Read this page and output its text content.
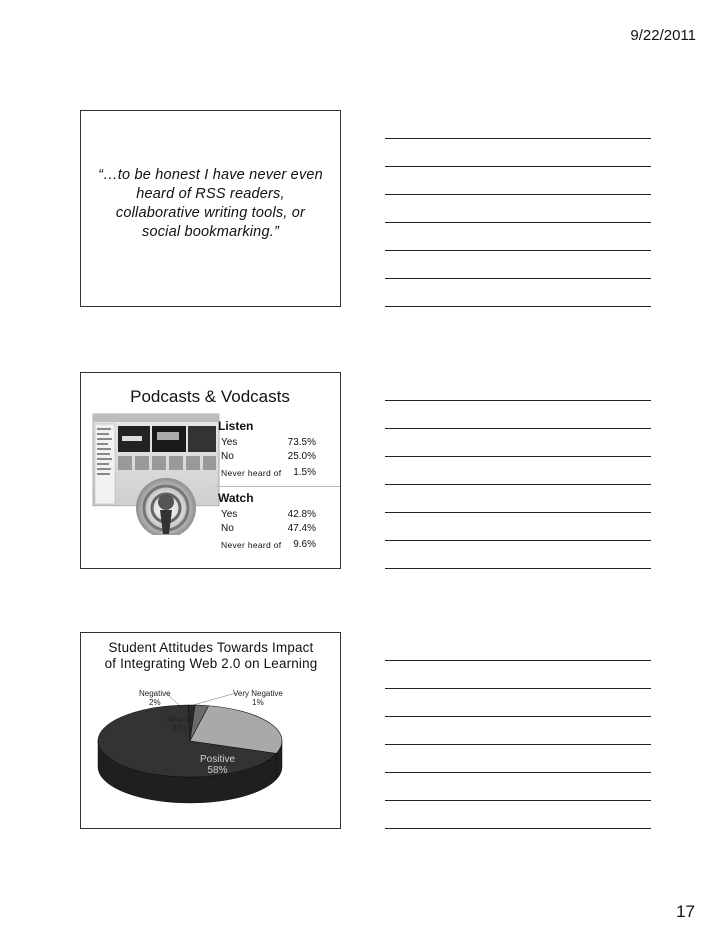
9/22/2011
“…to be honest I have never even heard of RSS readers, collaborative writing tools, or social bookmarking.”
Podcasts & Vodcasts
Listen
Yes	73.5%
No	25.0%
Never heard of 1.5%
Watch
Yes	42.8%
No	47.4%
Never heard of 9.6%
Student Attitudes Towards Impact
of Integrating Web 2.0 on Learning
Negative
2%
Very Negative
1%
Neutral
23%
Positive
58%
17
